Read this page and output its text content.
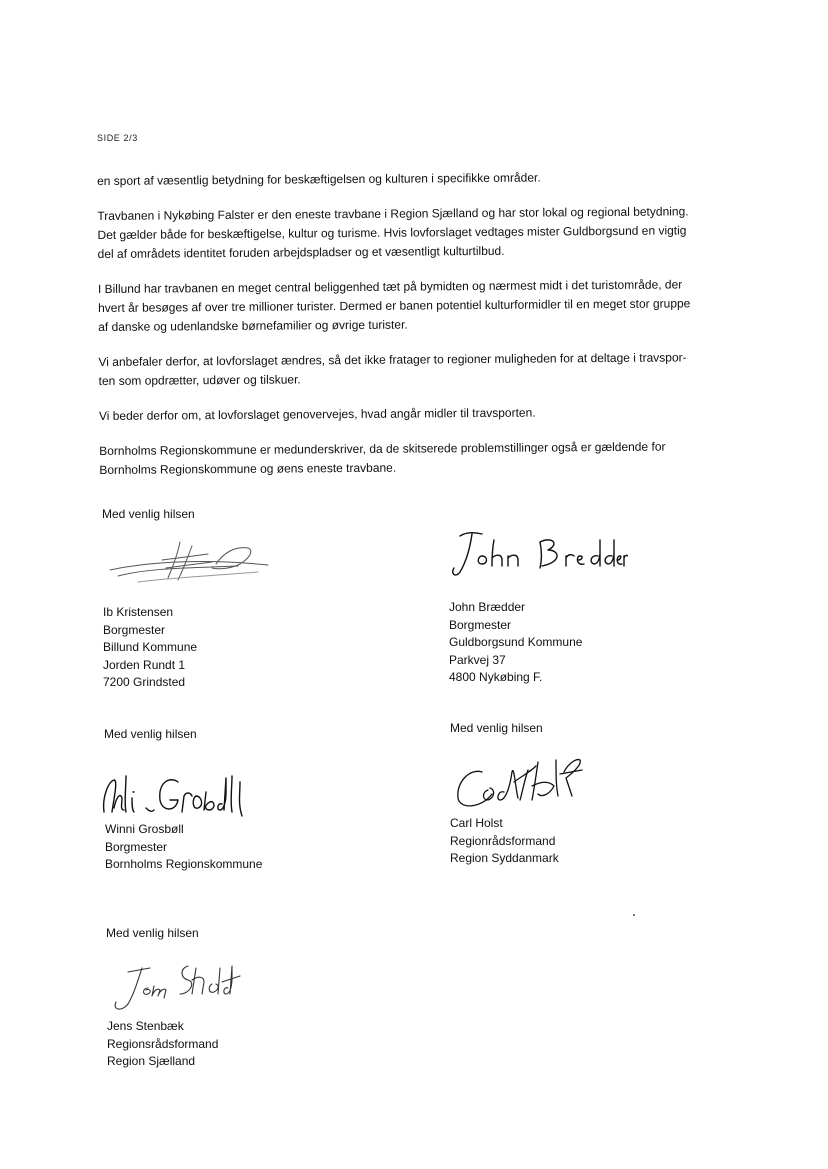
SIDE 2/3

en sport af væsentlig betydning for beskæftigelsen og kulturen i specifikke områder.

Travbanen i Nykøbing Falster er den eneste travbane i Region Sjælland og har stor lokal og regional betydning.
Det gælder både for beskæftigelse, kultur og turisme. Hvis lovforslaget vedtages mister Guldborgsund en vigtig
del af områdets identitet foruden arbejdspladser og et væsentligt kulturtilbud.

I Billund har travbanen en meget central beliggenhed tæt på bymidten og nærmest midt i det turistområde, der
hvert år besøges af over tre millioner turister. Dermed er banen potentiel kulturformidler til en meget stor gruppe
af danske og udenlandske børnefamilier og øvrige turister.

Vi anbefaler derfor, at lovforslaget ændres, så det ikke fratager to regioner muligheden for at deltage i travspor-
ten som opdrætter, udøver og tilskuer.

Vi beder derfor om, at lovforslaget genovervejes, hvad angår midler til travsporten.

Bornholms Regionskommune er medunderskriver, da de skitserede problemstillinger også er gældende for
Bornholms Regionskommune og øens eneste travbane.

Med venlig hilsen
Ib Kristensen
Borgmester
Billund Kommune
Jorden Rundt 1
7200 Grindsted
John Brædder
Borgmester
Guldborgsund Kommune
Parkvej 37
4800 Nykøbing F.
Med venlig hilsen
Winni Grosbøll
Borgmester
Bornholms Regionskommune
Med venlig hilsen
Carl Holst
Regionrådsformand
Region Syddanmark
Med venlig hilsen
Jens Stenbæk
Regionsrådsformand
Region Sjælland
